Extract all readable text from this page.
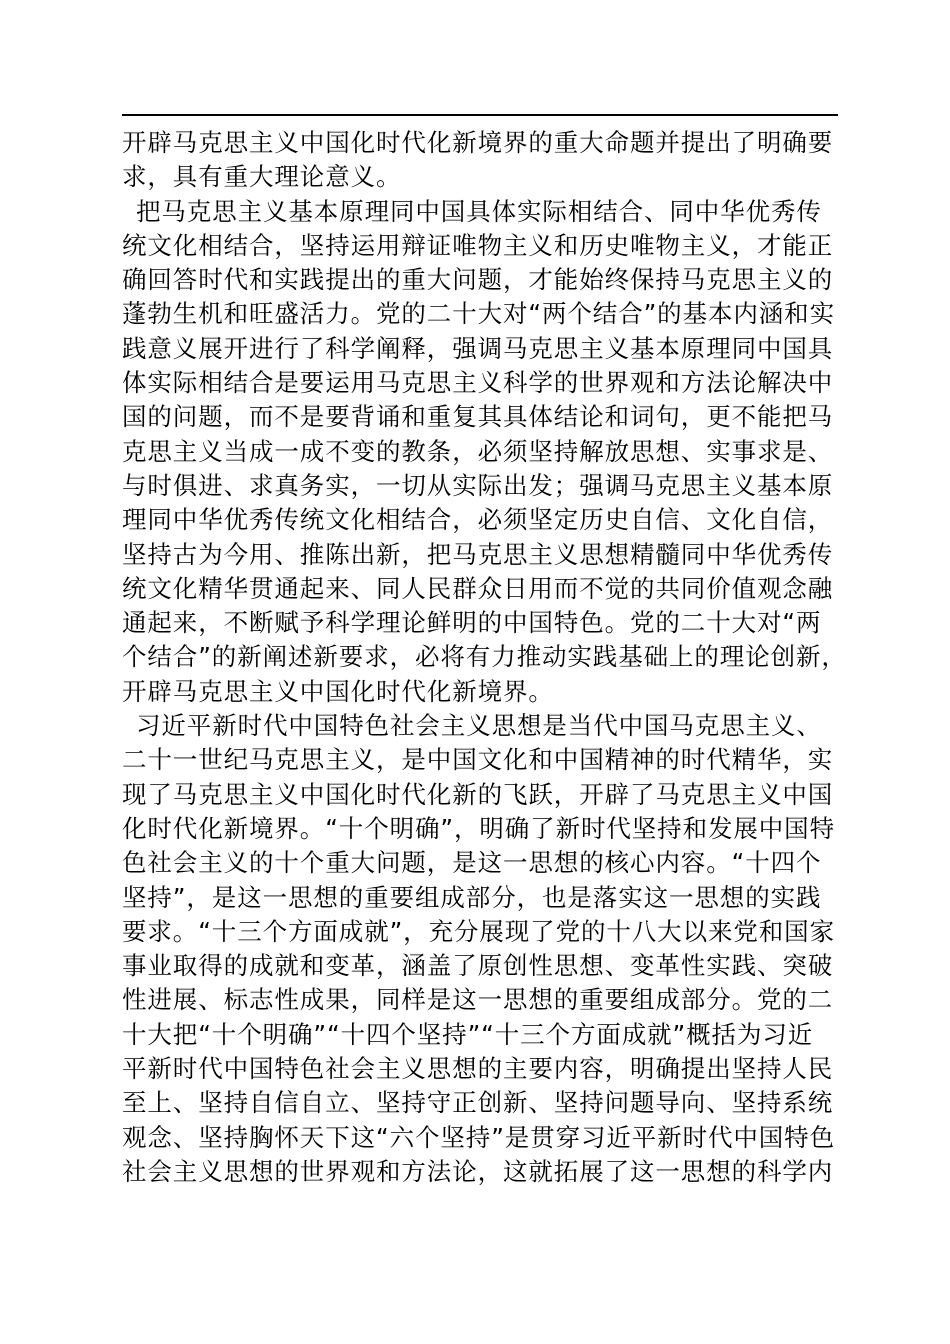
开辟马克思主义中国化时代化新境界的重大命题并提出了明确要
求，具有重大理论意义。
把马克思主义基本原理同中国具体实际相结合、同中华优秀传
统文化相结合，坚持运用辩证唯物主义和历史唯物主义，才能正
确回答时代和实践提出的重大问题，才能始终保持马克思主义的
蓬勃生机和旺盛活力。党的二十大对“两个结合”的基本内涵和实
践意义展开进行了科学阐释，强调马克思主义基本原理同中国具
体实际相结合是要运用马克思主义科学的世界观和方法论解决中
国的问题，而不是要背诵和重复其具体结论和词句，更不能把马
克思主义当成一成不变的教条，必须坚持解放思想、实事求是、
与时俱进、求真务实，一切从实际出发；强调马克思主义基本原
理同中华优秀传统文化相结合，必须坚定历史自信、文化自信，
坚持古为今用、推陈出新，把马克思主义思想精髓同中华优秀传
统文化精华贯通起来、同人民群众日用而不觉的共同价值观念融
通起来，不断赋予科学理论鲜明的中国特色。党的二十大对“两
个结合”的新阐述新要求，必将有力推动实践基础上的理论创新，
开辟马克思主义中国化时代化新境界。
习近平新时代中国特色社会主义思想是当代中国马克思主义、
二十一世纪马克思主义，是中国文化和中国精神的时代精华，实
现了马克思主义中国化时代化新的飞跃，开辟了马克思主义中国
化时代化新境界。“十个明确”，明确了新时代坚持和发展中国特
色社会主义的十个重大问题，是这一思想的核心内容。“十四个
坚持”，是这一思想的重要组成部分，也是落实这一思想的实践
要求。“十三个方面成就”，充分展现了党的十八大以来党和国家
事业取得的成就和变革，涵盖了原创性思想、变革性实践、突破
性进展、标志性成果，同样是这一思想的重要组成部分。党的二
十大把“十个明确”“十四个坚持”“十三个方面成就”概括为习近
平新时代中国特色社会主义思想的主要内容，明确提出坚持人民
至上、坚持自信自立、坚持守正创新、坚持问题导向、坚持系统
观念、坚持胸怀天下这“六个坚持”是贯穿习近平新时代中国特色
社会主义思想的世界观和方法论，这就拓展了这一思想的科学内
